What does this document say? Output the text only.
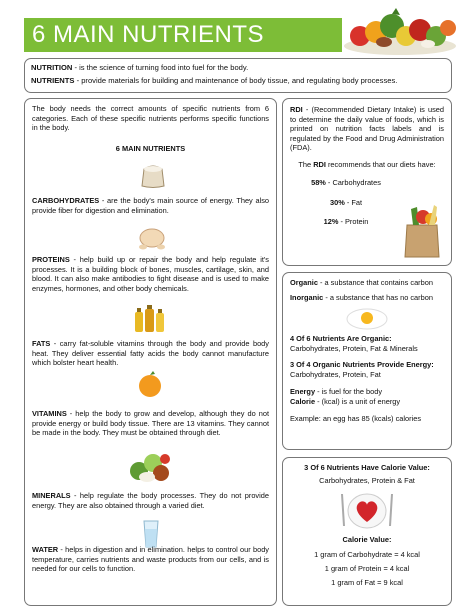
6 MAIN NUTRIENTS

NUTRITION - is the science of turning food into fuel for the body.

NUTRIENTS - provide materials for building and maintenance of body tissue, and regulating body processes.

The body needs the correct amounts of specific nutrients from 6 categories. Each of these specific nutrients performs specific functions in the body.

6 MAIN NUTRIENTS

CARBOHYDRATES - are the body's main source of energy. They also provide fiber for digestion and elimination.

PROTEINS - help build up or repair the body and help regulate it's processes. It is a building block of bones, muscles, cartilage, skin, and blood. It can also make antibodies to fight disease and is used to make enzymes, hormones, and other body chemicals.

FATS - carry fat-soluble vitamins through the body and provide body heat. They deliver essential fatty acids the body cannot manufacture which bolster heart health.

VITAMINS - help the body to grow and develop, although they do not provide energy or build body tissue. There are 13 vitamins. They cannot be made in the body. They must be obtained through diet.

MINERALS - help regulate the body processes. They do not provide energy. They are also obtained through a varied diet.

WATER - helps in digestion and in elimination. helps to control our body temperature, carries nutrients and waste products from our cells, and is needed for our cells to function.

RDI - (Recommended Dietary Intake) is used to determine the daily value of foods, which is printed on nutrition facts labels and is regulated by the Food and Drug Administration (FDA).

The RDI recommends that our diets have:

58% - Carbohydrates

30% - Fat

12% - Protein

Organic - a substance that contains carbon

Inorganic - a substance that has no carbon

4 Of 6 Nutrients Are Organic:

Carbohydrates, Protein, Fat & Minerals

3 Of 4 Organic Nutrients Provide Energy:

Carbohydrates, Protein, Fat

Energy - is fuel for the body

Calorie - (kcal) is a unit of energy

Example: an egg has 85 (kcals) calories

3 Of 6 Nutrients Have Calorie Value:

Carbohydrates, Protein & Fat

Calorie Value:

1 gram of Carbohydrate = 4 kcal

1 gram of Protein = 4 kcal

1 gram of Fat = 9 kcal
